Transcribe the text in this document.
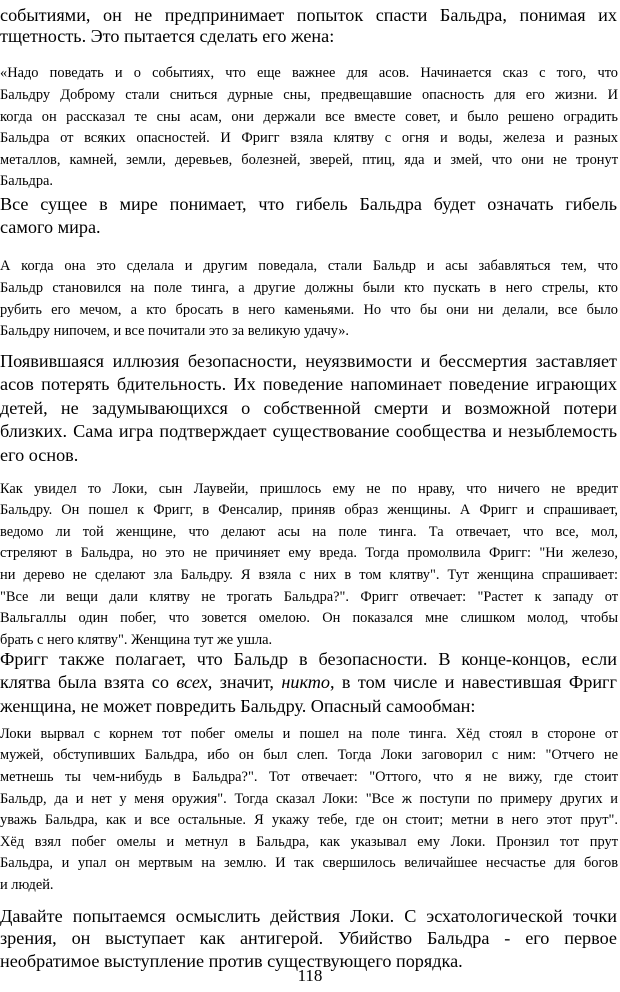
событиями, он не предпринимает попыток спасти Бальдра, понимая их
тщетность. Это пытается сделать его жена:
«Надо поведать и о событиях, что еще важнее для асов. Начинается сказ с того, что
Бальдру Доброму стали сниться дурные сны, предвещавшие опасность для его жизни. И
когда он рассказал те сны асам, они держали все вместе совет, и было решено оградить
Бальдра от всяких опасностей. И Фригг взяла клятву с огня и воды, железа и разных
металлов, камней, земли, деревьев, болезней, зверей, птиц, яда и змей, что они не тронут
Бальдра.
Все сущее в мире понимает, что гибель Бальдра будет означать гибель
самого мира.
А когда она это сделала и другим поведала, стали Бальдр и асы забавляться тем, что
Бальдр становился на поле тинга, а другие должны были кто пускать в него стрелы, кто
рубить его мечом, а кто бросать в него каменьями. Но что бы они ни делали, все было
Бальдру нипочем, и все почитали это за великую удачу».
Появившаяся иллюзия безопасности, неуязвимости и бессмертия заставляет
асов потерять бдительность. Их поведение напоминает поведение играющих
детей, не задумывающихся о собственной смерти и возможной потери
близких. Сама игра подтверждает существование сообщества и незыблемость
его основ.
Как увидел то Локи, сын Лаувейи, пришлось ему не по нраву, что ничего не вредит
Бальдру. Он пошел к Фригг, в Фенсалир, приняв образ женщины. А Фригг и спрашивает,
ведомо ли той женщине, что делают асы на поле тинга. Та отвечает, что все, мол,
стреляют в Бальдра, но это не причиняет ему вреда. Тогда промолвила Фригг: "Ни железо,
ни дерево не сделают зла Бальдру. Я взяла с них в том клятву". Тут женщина спрашивает:
"Все ли вещи дали клятву не трогать Бальдра?". Фригг отвечает: "Растет к западу от
Вальгаллы один побег, что зовется омелою. Он показался мне слишком молод, чтобы
брать с него клятву". Женщина тут же ушла.
Фригг также полагает, что Бальдр в безопасности. В конце-концов, если
клятва была взята со всех, значит, никто, в том числе и навестившая Фригг
женщина, не может повредить Бальдру. Опасный самообман:
Локи вырвал с корнем тот побег омелы и пошел на поле тинга. Хёд стоял в стороне от
мужей, обступивших Бальдра, ибо он был слеп. Тогда Локи заговорил с ним: "Отчего не
метнешь ты чем-нибудь в Бальдра?". Тот отвечает: "Оттого, что я не вижу, где стоит
Бальдр, да и нет у меня оружия". Тогда сказал Локи: "Все ж поступи по примеру других и
уважь Бальдра, как и все остальные. Я укажу тебе, где он стоит; метни в него этот прут".
Хёд взял побег омелы и метнул в Бальдра, как указывал ему Локи. Пронзил тот прут
Бальдра, и упал он мертвым на землю. И так свершилось величайшее несчастье для богов
и людей.
Давайте попытаемся осмыслить действия Локи. С эсхатологической точки
зрения, он выступает как антигерой. Убийство Бальдра - его первое
необратимое выступление против существующего порядка.
118
